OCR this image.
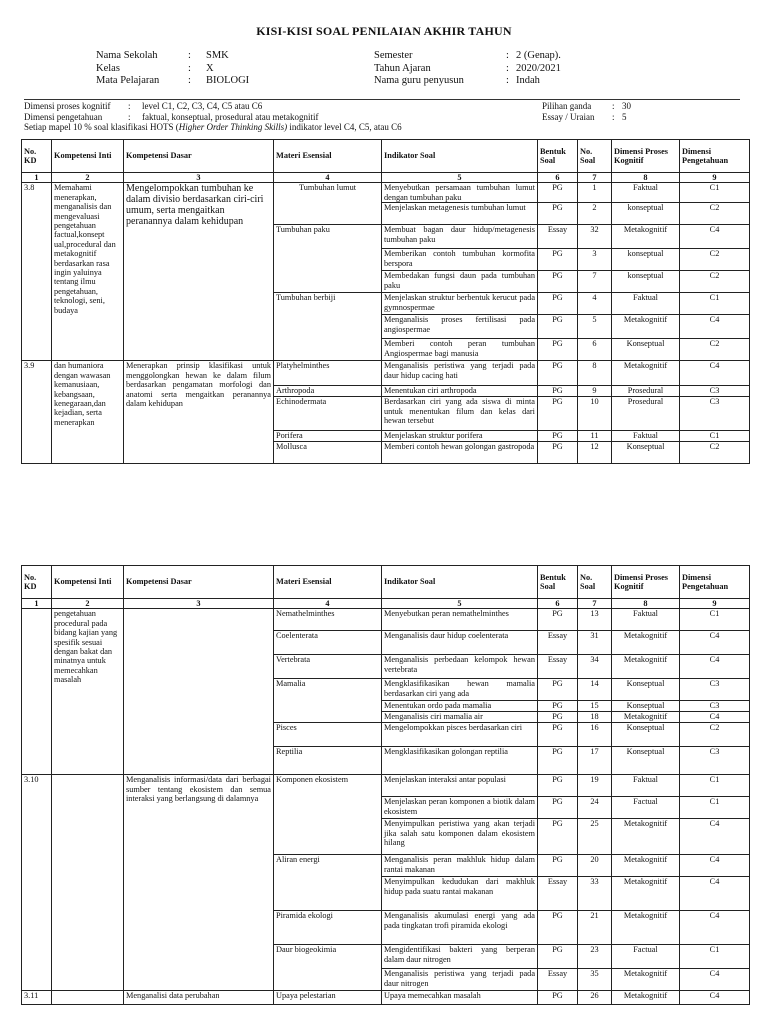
KISI-KISI SOAL PENILAIAN AKHIR TAHUN
Nama Sekolah	: SMK
Kelas	: X
Mata Pelajaran	: BIOLOGI
Semester	: 2 (Genap).
Tahun Ajaran	: 2020/2021
Nama guru penyusun	: Indah
Dimensi proses kognitif : level C1, C2, C3, C4, C5 atau C6	Pilihan ganda : 30
Dimensi pengetahuan	: faktual, konseptual, prosedural atau metakognitif	Essay / Uraian : 5
Setiap mapel 10 % soal klasifikasi HOTS (Higher Order Thinking Skills) indikator level C4, C5, atau C6
No. KD	Kompetensi Inti	Kompetensi Dasar	Materi Esensial	Indikator Soal	Bentuk Soal	No. Soal	Dimensi Proses Kognitif	Dimensi Pengetahuan
1	2	3	4	5	6	7	8	9
3.8	Memahami menerapkan, menganalisis dan mengevaluasi pengetahuan factual,konsept ual,procedural dan metakognitif berdasarkan rasa ingin yaluinya tentang ilmu pengetahuan, teknologi, seni, budaya	Mengelompokkan tumbuhan ke dalam divisio berdasarkan ciri-ciri umum, serta mengaitkan peranannya dalam kehidupan	Tumbuhan lumut	Menyebutkan persamaan tumbuhan lumut dengan tumbuhan paku	PG	1	Faktual	C1
				Menjelaskan metagenesis tumbuhan lumut	PG	2	konseptual	C2
			Tumbuhan paku	Membuat bagan daur hidup/metagenesis tumbuhan paku	Essay	32	Metakognitif	C4
				Memberikan contoh tumbuhan kormofita berspora	PG	3	konseptual	C2
				Membedakan fungsi daun pada tumbuhan paku	PG	7	konseptual	C2
			Tumbuhan berbiji	Menjelaskan struktur berbentuk kerucut pada gymnospermae	PG	4	Faktual	C1
				Menganalisis proses fertilisasi pada angiospermae	PG	5	Metakognitif	C4
				Memberi contoh peran tumbuhan Angiospermae bagi manusia	PG	6	Konseptual	C2
3.9	dan humaniora dengan wawasan kemanusiaan, kebangsaan, kenegaraan,dan kejadian, serta menerapkan	Menerapkan prinsip klasifikasi untuk menggolongkan hewan ke dalam filum berdasarkan pengamatan morfologi dan anatomi serta mengaitkan peranannya dalam kehidupan	Platyhelminthes	Menganalisis peristiwa yang terjadi pada daur hidup cacing hati	PG	8	Metakognitif	C4
			Arthropoda	Menentukan ciri arthropoda	PG	9	Prosedural	C3
			Echinodermata	Berdasarkan ciri yang ada siswa di minta untuk menentukan filum dan kelas dari hewan tersebut	PG	10	Prosedural	C3
			Porifera	Menjelaskan struktur porifera	PG	11	Faktual	C1
			Mollusca	Memberi contoh hewan golongan gastropoda	PG	12	Konseptual	C2
No. KD	Kompetensi Inti	Kompetensi Dasar	Materi Esensial	Indikator Soal	Bentuk Soal	No. Soal	Dimensi Proses Kognitif	Dimensi Pengetahuan
1	2	3	4	5	6	7	8	9
	pengetahuan procedural pada bidang kajian yang spesifik sesuai dengan bakat dan minatnya untuk memecahkan masalah		Nemathelminthes	Menyebutkan peran nemathelminthes	PG	13	Faktual	C1
			Coelenterata	Menganalisis daur hidup coelenterata	Essay	31	Metakognitif	C4
			Vertebrata	Menganalisis perbedaan kelompok hewan vertebrata	Essay	34	Metakognitif	C4
			Mamalia	Mengklasifikasikan hewan mamalia berdasarkan ciri yang ada	PG	14	Konseptual	C3
				Menentukan ordo pada mamalia	PG	15	Konseptual	C3
				Menganalisis ciri mamalia air	PG	18	Metakognitif	C4
			Pisces	Mengelompokkan pisces berdasarkan ciri	PG	16	Konseptual	C2
			Reptilia	Mengklasifikasikan golongan reptilia	PG	17	Konseptual	C3
3.10		Menganalisis informasi/data dari berbagai sumber tentang ekosistem dan semua interaksi yang berlangsung di dalamnya	Komponen ekosistem	Menjelaskan interaksi antar populasi	PG	19	Faktual	C1
				Menjelaskan peran komponen a biotik dalam ekosistem	PG	24	Factual	C1
				Menyimpulkan peristiwa yang akan terjadi jika salah satu komponen dalam ekosistem hilang	PG	25	Metakognitif	C4
			Aliran energi	Menganalisis peran makhluk hidup dalam rantai makanan	PG	20	Metakognitif	C4
				Menyimpulkan kedudukan dari makhluk hidup pada suatu rantai makanan	Essay	33	Metakognitif	C4
			Piramida ekologi	Menganalisis akumulasi energi yang ada pada tingkatan trofi piramida ekologi	PG	21	Metakognitif	C4
			Daur biogeokimia	Mengidentifikasi bakteri yang berperan dalam daur nitrogen	PG	23	Factual	C1
				Menganalisis peristiwa yang terjadi pada daur nitrogen	Essay	35	Metakognitif	C4
3.11		Menganalisi data perubahan	Upaya pelestarian	Upaya memecahkan masalah	PG	26	Metakognitif	C4
